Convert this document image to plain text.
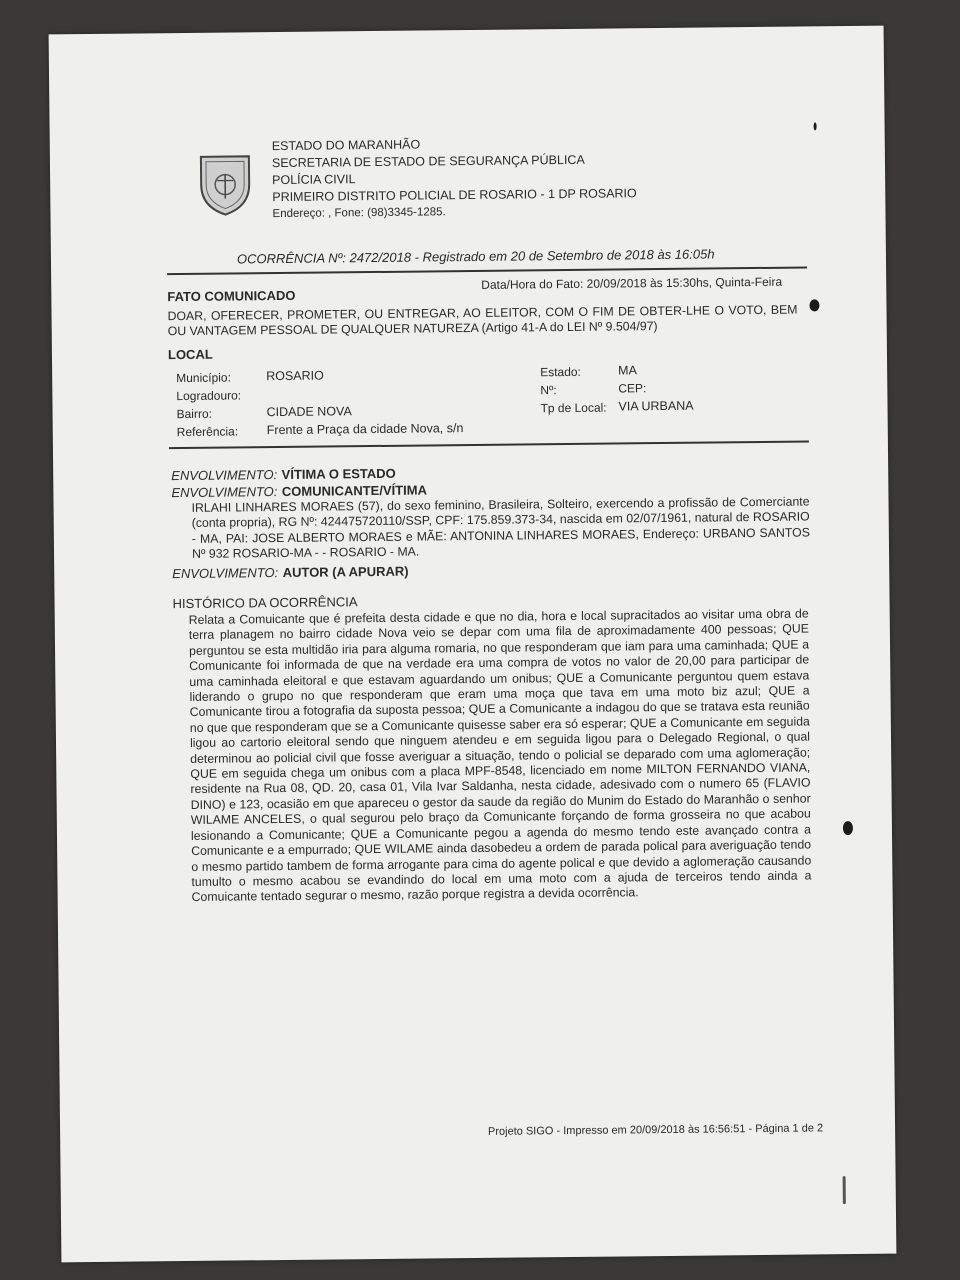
ESTADO DO MARANHÃO
SECRETARIA DE ESTADO DE SEGURANÇA PÚBLICA
POLÍCIA CIVIL
PRIMEIRO DISTRITO POLICIAL DE ROSARIO - 1 DP ROSARIO
Endereço: , Fone: (98)3345-1285.
OCORRÊNCIA Nº: 2472/2018 - Registrado em 20 de Setembro de 2018 às 16:05h
FATO COMUNICADO
Data/Hora do Fato: 20/09/2018 às 15:30hs, Quinta-Feira
DOAR, OFERECER, PROMETER, OU ENTREGAR, AO ELEITOR, COM O FIM DE OBTER-LHE O VOTO, BEM OU VANTAGEM PESSOAL DE QUALQUER NATUREZA (Artigo 41-A do LEI Nº 9.504/97)
LOCAL
Município:	ROSARIO
Logradouro:
Bairro:	CIDADE NOVA
Referência: Frente a Praça da cidade Nova, s/n
Estado:	MA
Nº:	CEP:
Tp de Local: VIA URBANA
ENVOLVIMENTO: VÍTIMA O ESTADO
ENVOLVIMENTO: COMUNICANTE/VÍTIMA
IRLAHI LINHARES MORAES (57), do sexo feminino, Brasileira, Solteiro, exercendo a profissão de Comerciante (conta propria), RG Nº: 424475720110/SSP, CPF: 175.859.373-34, nascida em 02/07/1961, natural de ROSARIO - MA, PAI: JOSE ALBERTO MORAES e MÃE: ANTONINA LINHARES MORAES, Endereço: URBANO SANTOS Nº 932 ROSARIO-MA - - ROSARIO - MA.
ENVOLVIMENTO: AUTOR (A APURAR)
HISTÓRICO DA OCORRÊNCIA
Relata a Comuicante que é prefeita desta cidade e que no dia, hora e local supracitados ao visitar uma obra de terra planagem no bairro cidade Nova veio se depar com uma fila de aproximadamente 400 pessoas; QUE perguntou se esta multidão iria para alguma romaria, no que responderam que iam para uma caminhada; QUE a Comunicante foi informada de que na verdade era uma compra de votos no valor de 20,00 para participar de uma caminhada eleitoral e que estavam aguardando um onibus; QUE a Comunicante perguntou quem estava liderando o grupo no que responderam que eram uma moça que tava em uma moto biz azul; QUE a Comunicante tirou a fotografia da suposta pessoa; QUE a Comunicante a indagou do que se tratava esta reunião no que que responderam que se a Comunicante quisesse saber era só esperar; QUE a Comunicante em seguida ligou ao cartorio eleitoral sendo que ninguem atendeu e em seguida ligou para o Delegado Regional, o qual determinou ao policial civil que fosse averiguar a situação, tendo o policial se deparado com uma aglomeração; QUE em seguida chega um onibus com a placa MPF-8548, licenciado em nome MILTON FERNANDO VIANA, residente na Rua 08, QD. 20, casa 01, Vila Ivar Saldanha, nesta cidade, adesivado com o numero 65 (FLAVIO DINO) e 123, ocasião em que apareceu o gestor da saude da região do Munim do Estado do Maranhão o senhor WILAME ANCELES, o qual segurou pelo braço da Comunicante forçando de forma grosseira no que acabou lesionando a Comunicante; QUE a Comunicante pegou a agenda do mesmo tendo este avançado contra a Comunicante e a empurrado; QUE WILAME ainda dasobedeu a ordem de parada polical para averiguação tendo o mesmo partido tambem de forma arrogante para cima do agente polical e que devido a aglomeração causando tumulto o mesmo acabou se evandindo do local em uma moto com a ajuda de terceiros tendo ainda a Comuicante tentado segurar o mesmo, razão porque registra a devida ocorrência.
Projeto SIGO - Impresso em 20/09/2018 às 16:56:51 - Página 1 de 2
